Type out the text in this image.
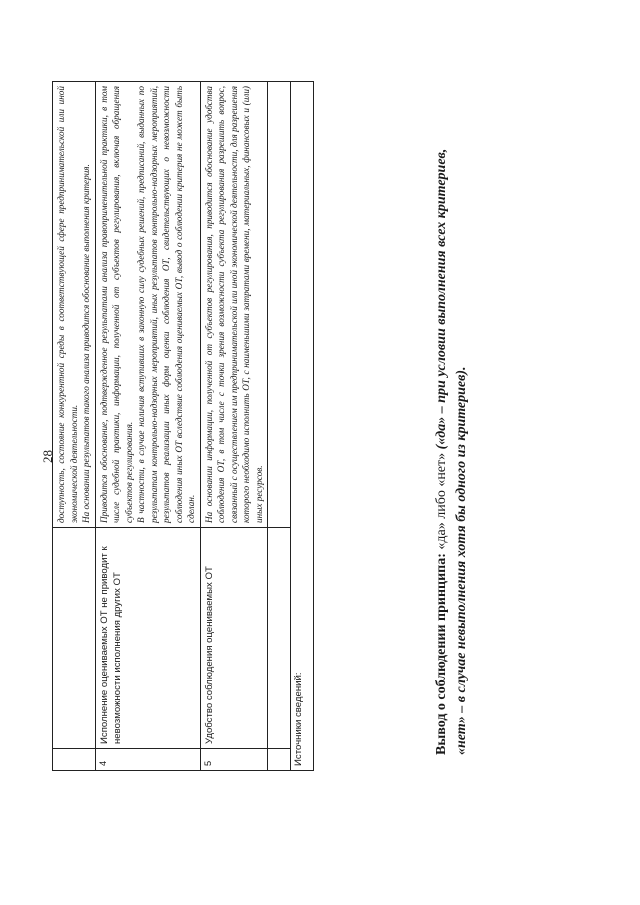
28

		доступность, состояние конкурентной среды в соответствующей сфере предпринимательской или иной экономической деятельности. На основании результатов такого анализа приводится обоснование выполнения критерия.

4	Исполнение оцениваемых ОТ не приводит к невозможности исполнения других ОТ	Приводится обоснование, подтвержденное результатами анализа правоприменительной практики, в том числе судебной практики, информации, полученной от субъектов регулирования, включая обращения субъектов регулирования. В частности, в случае наличия вступивших в законную силу судебных решений, предписаний, выданных по результатам контрольно-надзорных мероприятий, иных результатов контрольно-надзорных мероприятий, результатов реализации иных форм оценки соблюдения ОТ, свидетельствующих о невозможности соблюдения иных ОТ вследствие соблюдения оцениваемых ОТ, вывод о соблюдении критерия не может быть сделан.

5	Удобство соблюдения оцениваемых ОТ	На основании информации, полученной от субъектов регулирования, приводится обоснование удобства соблюдения ОТ, в том числе с точки зрения возможности субъекта регулирования разрешить вопрос, связанный с осуществлением им предпринимательской или иной экономической деятельности, для разрешения которого необходимо исполнить ОТ, с наименьшими затратами времени, материальных, финансовых и (или) иных ресурсов.

Источники сведений:			Вывод о соблюдении принципа: «да» либо «нет» («да» – при условии выполнения всех критериев,
«нет» – в случае невыполнения хотя бы одного из критериев).
